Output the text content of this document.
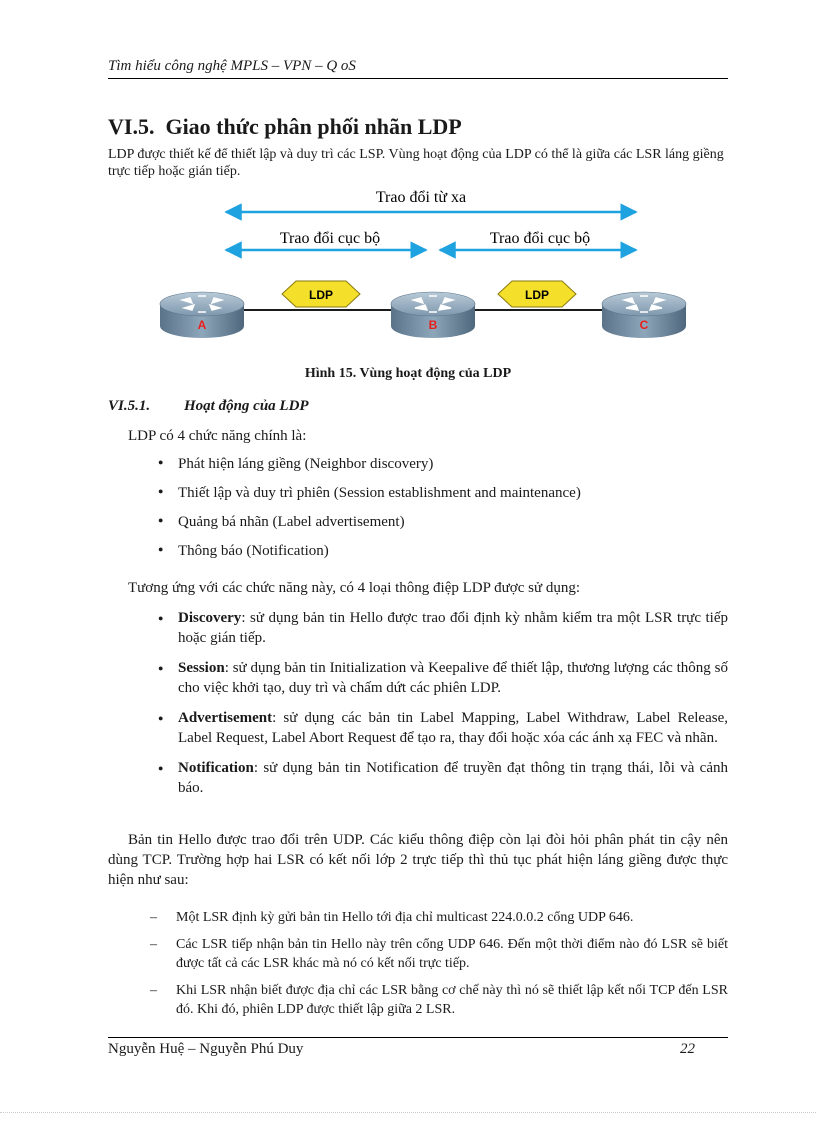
Tìm hiểu công nghệ MPLS – VPN – Q oS
VI.5. Giao thức phân phối nhãn LDP

LDP được thiết kế để thiết lập và duy trì các LSP. Vùng hoạt động của LDP có thể là giữa các LSR láng giềng trực tiếp hoặc gián tiếp.

Trao đổi từ xa
Trao đổi cục bộ	Trao đổi cục bộ
LDP	LDP
A	B	C
Hình 15. Vùng hoạt động của LDP
VI.5.1. Hoạt động của LDP

LDP có 4 chức năng chính là:

● Phát hiện láng giềng (Neighbor discovery)
● Thiết lập và duy trì phiên (Session establishment and maintenance)
● Quảng bá nhãn (Label advertisement)
● Thông báo (Notification)

Tương ứng với các chức năng này, có 4 loại thông điệp LDP được sử dụng:

● Discovery: sử dụng bản tin Hello được trao đổi định kỳ nhằm kiểm tra một LSR trực tiếp hoặc gián tiếp.
● Session: sử dụng bản tin Initialization và Keepalive để thiết lập, thương lượng các thông số cho việc khởi tạo, duy trì và chấm dứt các phiên LDP.
● Advertisement: sử dụng các bản tin Label Mapping, Label Withdraw, Label Release, Label Request, Label Abort Request để tạo ra, thay đổi hoặc xóa các ánh xạ FEC và nhãn.
● Notification: sử dụng bản tin Notification để truyền đạt thông tin trạng thái, lỗi và cảnh báo.

Bản tin Hello được trao đổi trên UDP. Các kiểu thông điệp còn lại đòi hỏi phân phát tin cậy nên dùng TCP. Trường hợp hai LSR có kết nối lớp 2 trực tiếp thì thủ tục phát hiện láng giềng được thực hiện như sau:

– Một LSR định kỳ gửi bản tin Hello tới địa chỉ multicast 224.0.0.2 cổng UDP 646.
– Các LSR tiếp nhận bản tin Hello này trên cổng UDP 646. Đến một thời điểm nào đó LSR sẽ biết được tất cả các LSR khác mà nó có kết nối trực tiếp.
– Khi LSR nhận biết được địa chỉ các LSR bằng cơ chế này thì nó sẽ thiết lập kết nối TCP đến LSR đó. Khi đó, phiên LDP được thiết lập giữa 2 LSR.
Nguyễn Huệ – Nguyễn Phú Duy	22
